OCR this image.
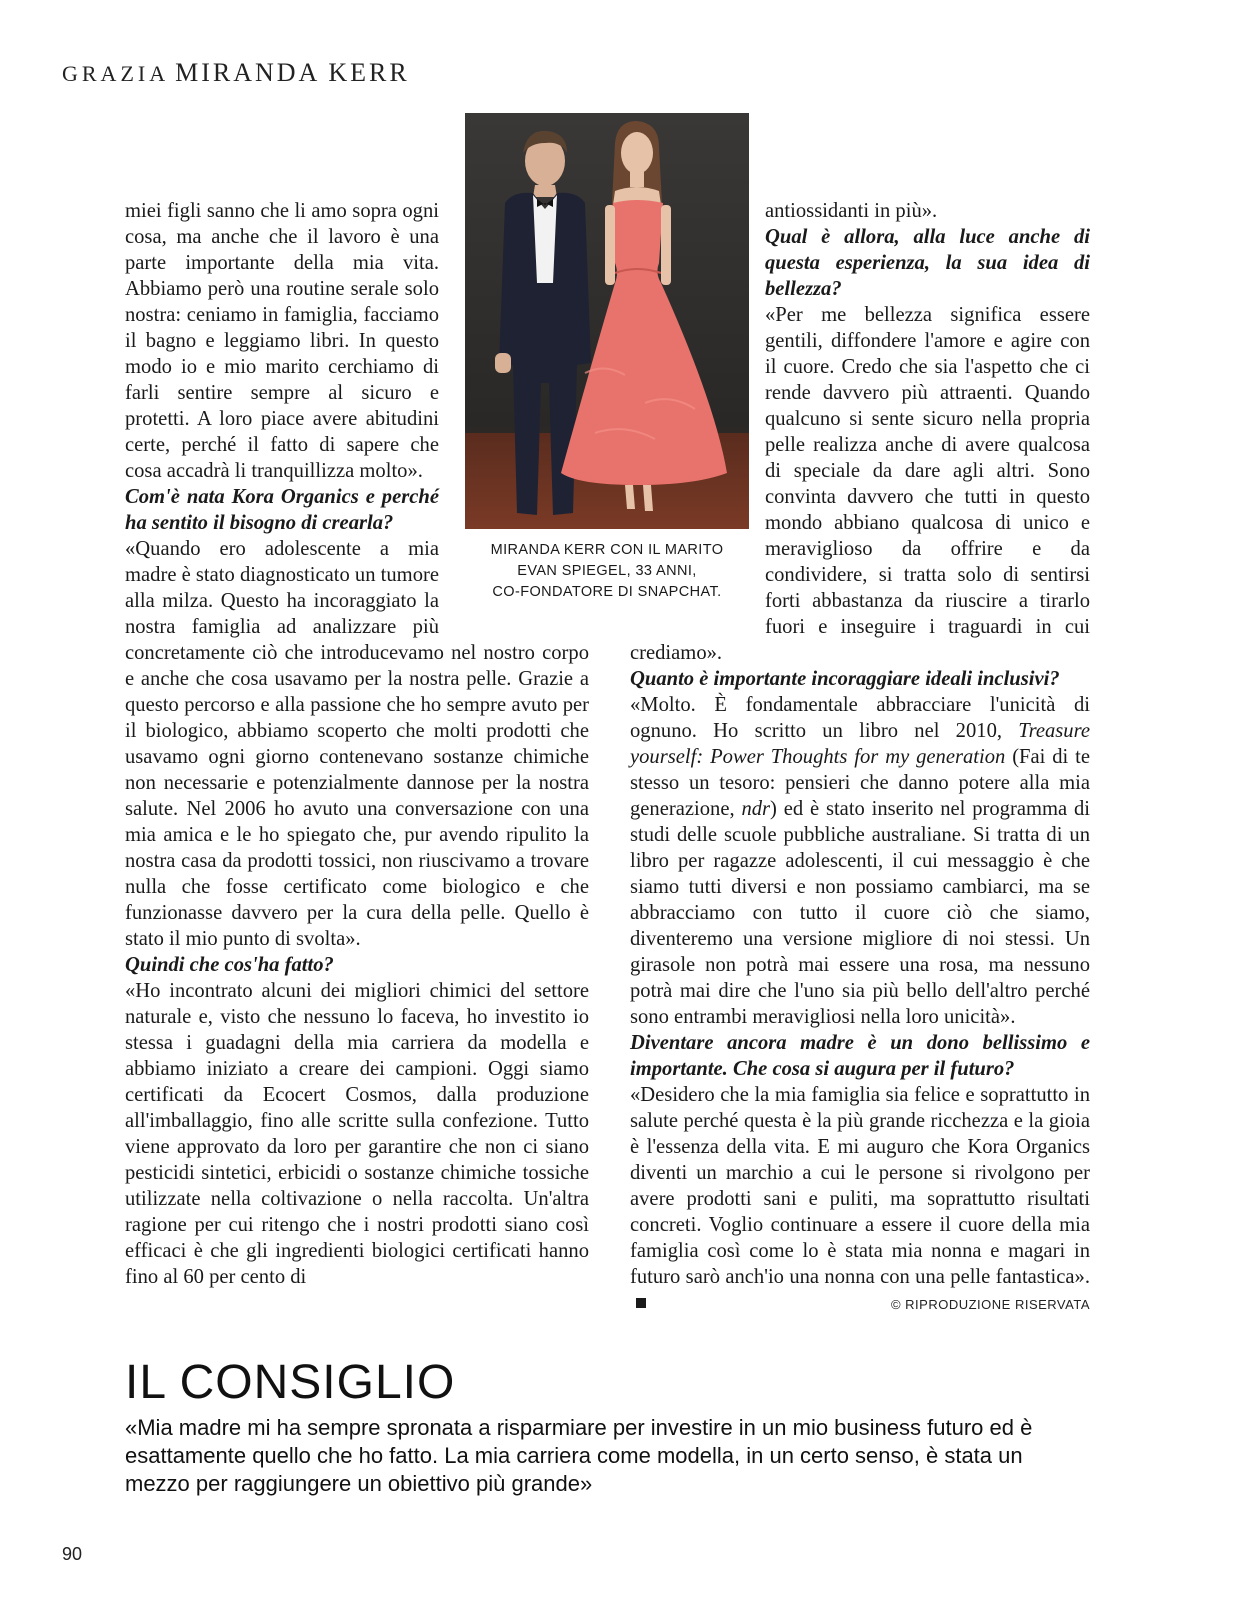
GRAZIA MIRANDA KERR
MIRANDA KERR CON IL MARITO
EVAN SPIEGEL, 33 ANNI,
CO-FONDATORE DI SNAPCHAT.

miei figli sanno che li amo sopra ogni cosa, ma anche che il lavoro è una parte importante della mia vita. Abbiamo però una routine serale solo nostra: ceniamo in famiglia, facciamo il bagno e leggiamo libri. In questo modo io e mio marito cerchiamo di farli sentire sempre al sicuro e protetti. A loro piace avere abitudini certe, perché il fatto di sapere che cosa accadrà li tranquillizza molto».

Com'è nata Kora Organics e perché ha sentito il bisogno di crearla?

«Quando ero adolescente a mia madre è stato diagnosticato un tumore alla milza. Questo ha incoraggiato la nostra famiglia ad analizzare più concretamente ciò che introducevamo nel nostro corpo e anche che cosa usavamo per la nostra pelle. Grazie a questo percorso e alla passione che ho sempre avuto per il biologico, abbiamo scoperto che molti prodotti che usavamo ogni giorno contenevano sostanze chimiche non necessarie e potenzialmente dannose per la nostra salute. Nel 2006 ho avuto una conversazione con una mia amica e le ho spiegato che, pur avendo ripulito la nostra casa da prodotti tossici, non riuscivamo a trovare nulla che fosse certificato come biologico e che funzionasse davvero per la cura della pelle. Quello è stato il mio punto di svolta».

Quindi che cos'ha fatto?

«Ho incontrato alcuni dei migliori chimici del settore naturale e, visto che nessuno lo faceva, ho investito io stessa i guadagni della mia carriera da modella e abbiamo iniziato a creare dei campioni. Oggi siamo certificati da Ecocert Cosmos, dalla produzione all'imballaggio, fino alle scritte sulla confezione. Tutto viene approvato da loro per garantire che non ci siano pesticidi sintetici, erbicidi o sostanze chimiche tossiche utilizzate nella coltivazione o nella raccolta. Un'altra ragione per cui ritengo che i nostri prodotti siano così efficaci è che gli ingredienti biologici certificati hanno fino al 60 per cento di

antiossidanti in più».

Qual è allora, alla luce anche di questa esperienza, la sua idea di bellezza?

«Per me bellezza significa essere gentili, diffondere l'amore e agire con il cuore. Credo che sia l'aspetto che ci rende davvero più attraenti. Quando qualcuno si sente sicuro nella propria pelle realizza anche di avere qualcosa di speciale da dare agli altri. Sono convinta davvero che tutti in questo mondo abbiano qualcosa di unico e meraviglioso da offrire e da condividere, si tratta solo di sentirsi forti abbastanza da riuscire a tirarlo fuori e inseguire i traguardi in cui crediamo».

Quanto è importante incoraggiare ideali inclusivi?

«Molto. È fondamentale abbracciare l'unicità di ognuno. Ho scritto un libro nel 2010, Treasure yourself: Power Thoughts for my generation (Fai di te stesso un tesoro: pensieri che danno potere alla mia generazione, ndr) ed è stato inserito nel programma di studi delle scuole pubbliche australiane. Si tratta di un libro per ragazze adolescenti, il cui messaggio è che siamo tutti diversi e non possiamo cambiarci, ma se abbracciamo con tutto il cuore ciò che siamo, diventeremo una versione migliore di noi stessi. Un girasole non potrà mai essere una rosa, ma nessuno potrà mai dire che l'uno sia più bello dell'altro perché sono entrambi meravigliosi nella loro unicità».

Diventare ancora madre è un dono bellissimo e importante. Che cosa si augura per il futuro?

«Desidero che la mia famiglia sia felice e soprattutto in salute perché questa è la più grande ricchezza e la gioia è l'essenza della vita. E mi auguro che Kora Organics diventi un marchio a cui le persone si rivolgono per avere prodotti sani e puliti, ma soprattutto risultati concreti. Voglio continuare a essere il cuore della mia famiglia così come lo è stata mia nonna e magari in futuro sarò anch'io una nonna con una pelle fantastica».

© RIPRODUZIONE RISERVATA
IL CONSIGLIO
«Mia madre mi ha sempre spronata a risparmiare per investire in un mio business futuro ed è esattamente quello che ho fatto. La mia carriera come modella, in un certo senso, è stata un mezzo per raggiungere un obiettivo più grande»
90
